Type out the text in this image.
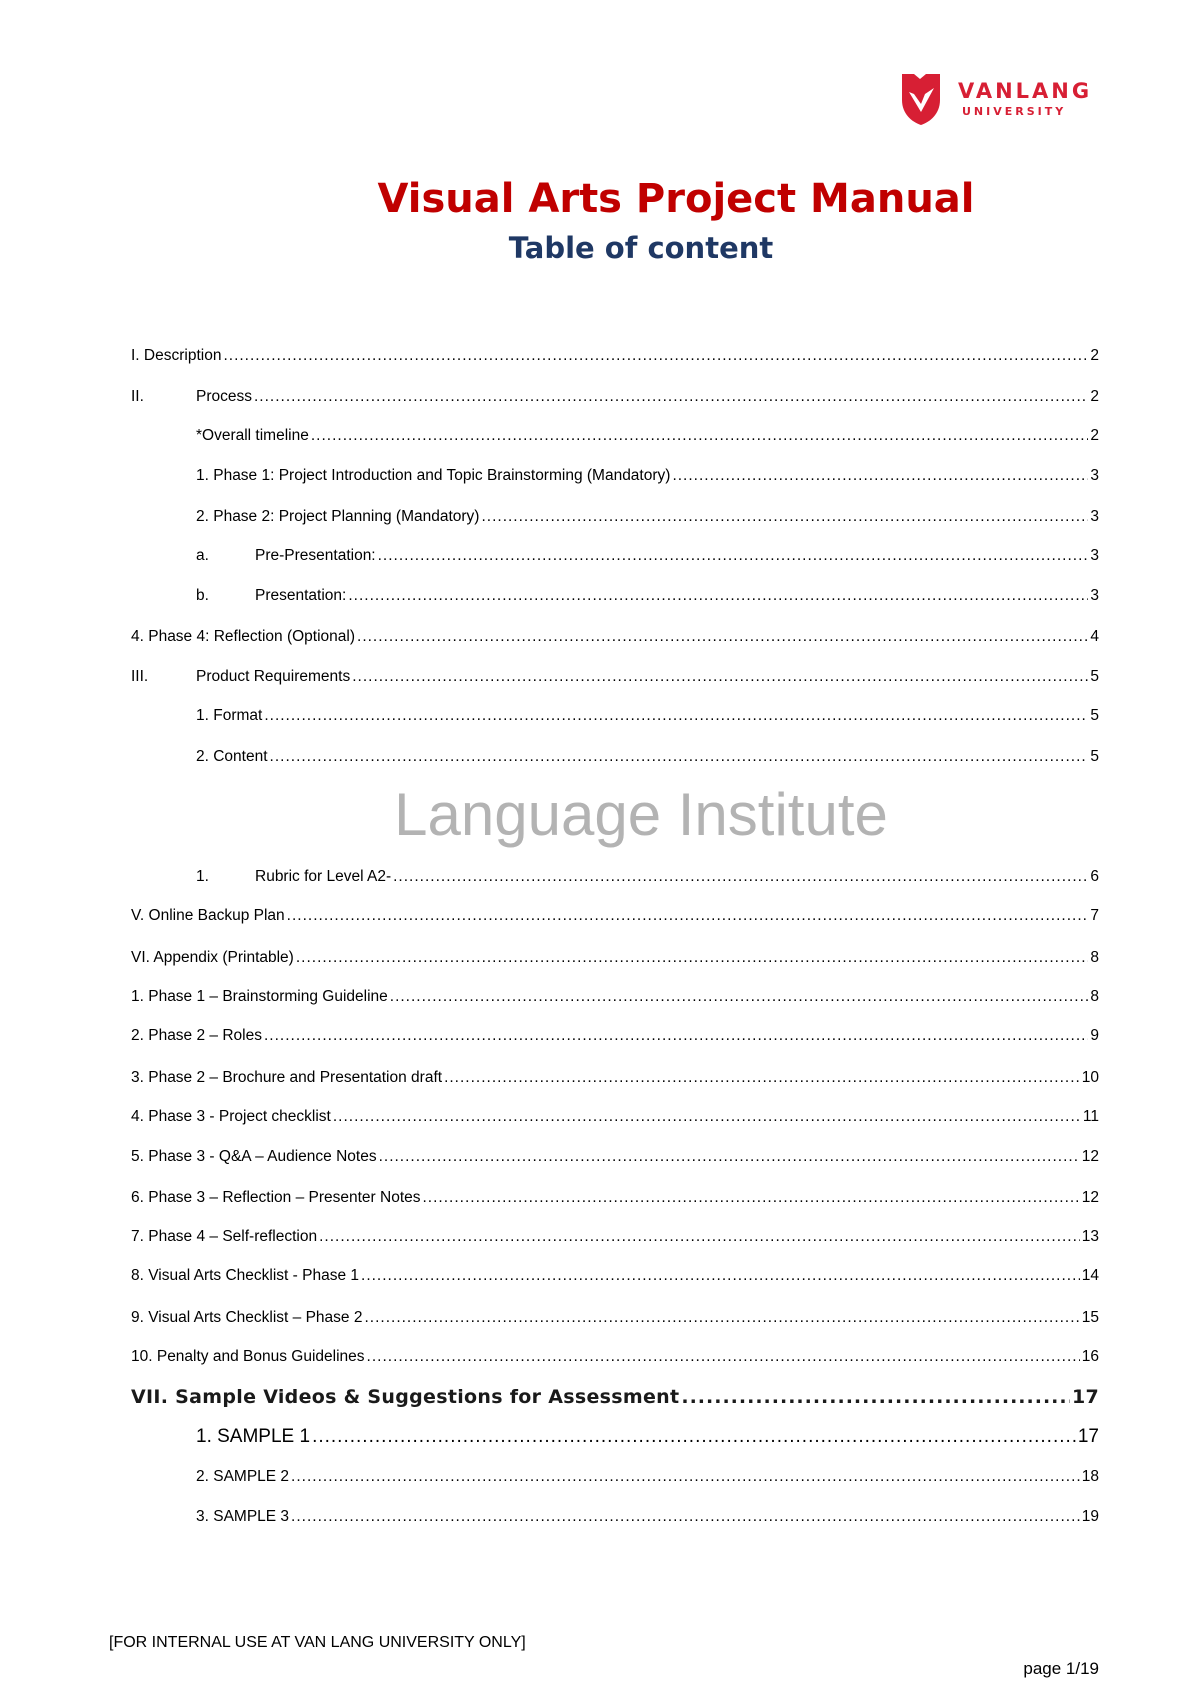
VANLANG
UNIVERSITY
Visual Arts Project Manual
Table of content
I. Description .....	2
II.	Process .....	2
*Overall timeline .....	2
1. Phase 1: Project Introduction and Topic Brainstorming (Mandatory) .....	3
2. Phase 2: Project Planning (Mandatory) .....	3
a.	Pre-Presentation: .....	3
b.	Presentation: .....	3
4. Phase 4: Reflection (Optional) .....	4
III.	Product Requirements .....	5
1. Format .....	5
2. Content .....	5
1.	Rubric for Level A2- .....	6
V. Online Backup Plan .....	7
VI. Appendix (Printable) .....	8
1. Phase 1 – Brainstorming Guideline .....	8
2. Phase 2 – Roles .....	9
3. Phase 2 – Brochure and Presentation draft .....	10
4. Phase 3 - Project checklist .....	11
5. Phase 3 - Q&A – Audience Notes .....	12
6. Phase 3 – Reflection – Presenter Notes .....	12
7. Phase 4 – Self-reflection .....	13
8. Visual Arts Checklist - Phase 1 .....	14
9. Visual Arts Checklist – Phase 2 .....	15
10. Penalty and Bonus Guidelines .....	16
VII. Sample Videos & Suggestions for Assessment .....	17
1. SAMPLE 1 .....	17
2. SAMPLE 2 .....	18
3. SAMPLE 3 .....	19
Language Institute
[FOR INTERNAL USE AT VAN LANG UNIVERSITY ONLY]
page 1/19
